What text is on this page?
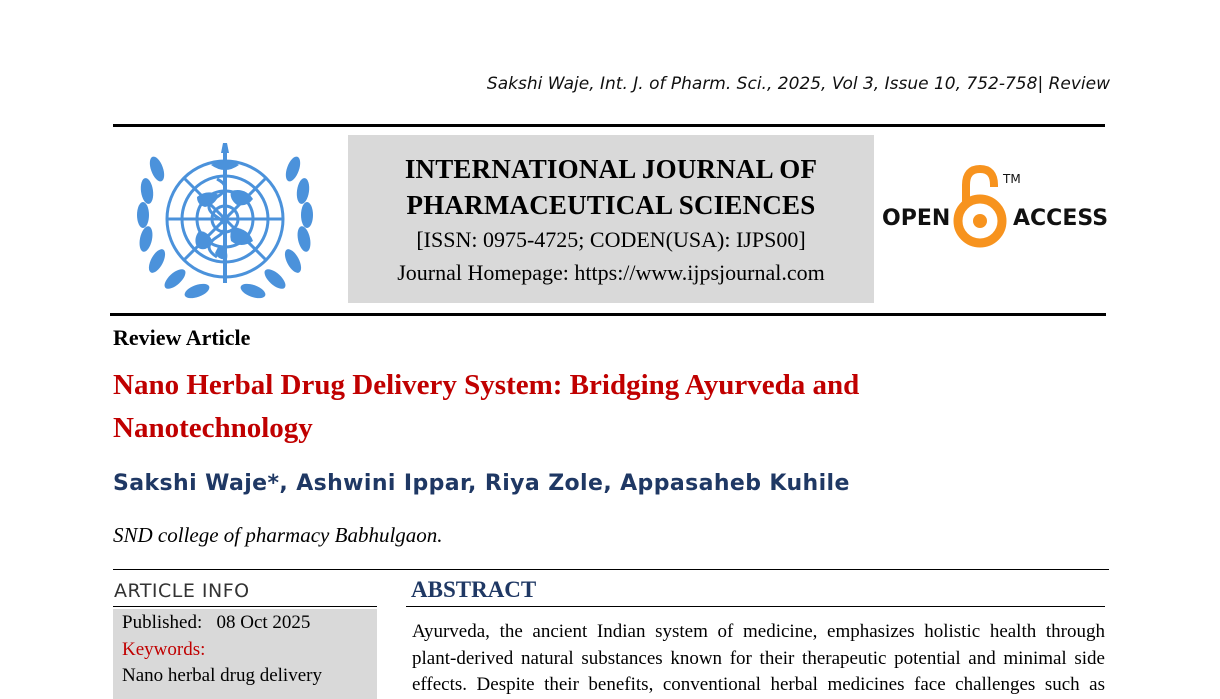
Sakshi Waje, Int. J. of Pharm. Sci., 2025, Vol 3, Issue 10, 752-758| Review
INTERNATIONAL JOURNAL OF
PHARMACEUTICAL SCIENCES
[ISSN: 0975-4725; CODEN(USA): IJPS00]
Journal Homepage: https://www.ijpsjournal.com
OPEN	ACCESS
TM
Review Article
Nano Herbal Drug Delivery System: Bridging Ayurveda and
Nanotechnology
Sakshi Waje*, Ashwini Ippar, Riya Zole, Appasaheb Kuhile
SND college of pharmacy Babhulgaon.
ARTICLE INFO
Published: 08 Oct 2025
Keywords:
Nano herbal drug delivery
ABSTRACT
Ayurveda, the ancient Indian system of medicine, emphasizes holistic health through
plant-derived natural substances known for their therapeutic potential and minimal side
effects. Despite their benefits, conventional herbal medicines face challenges such as
